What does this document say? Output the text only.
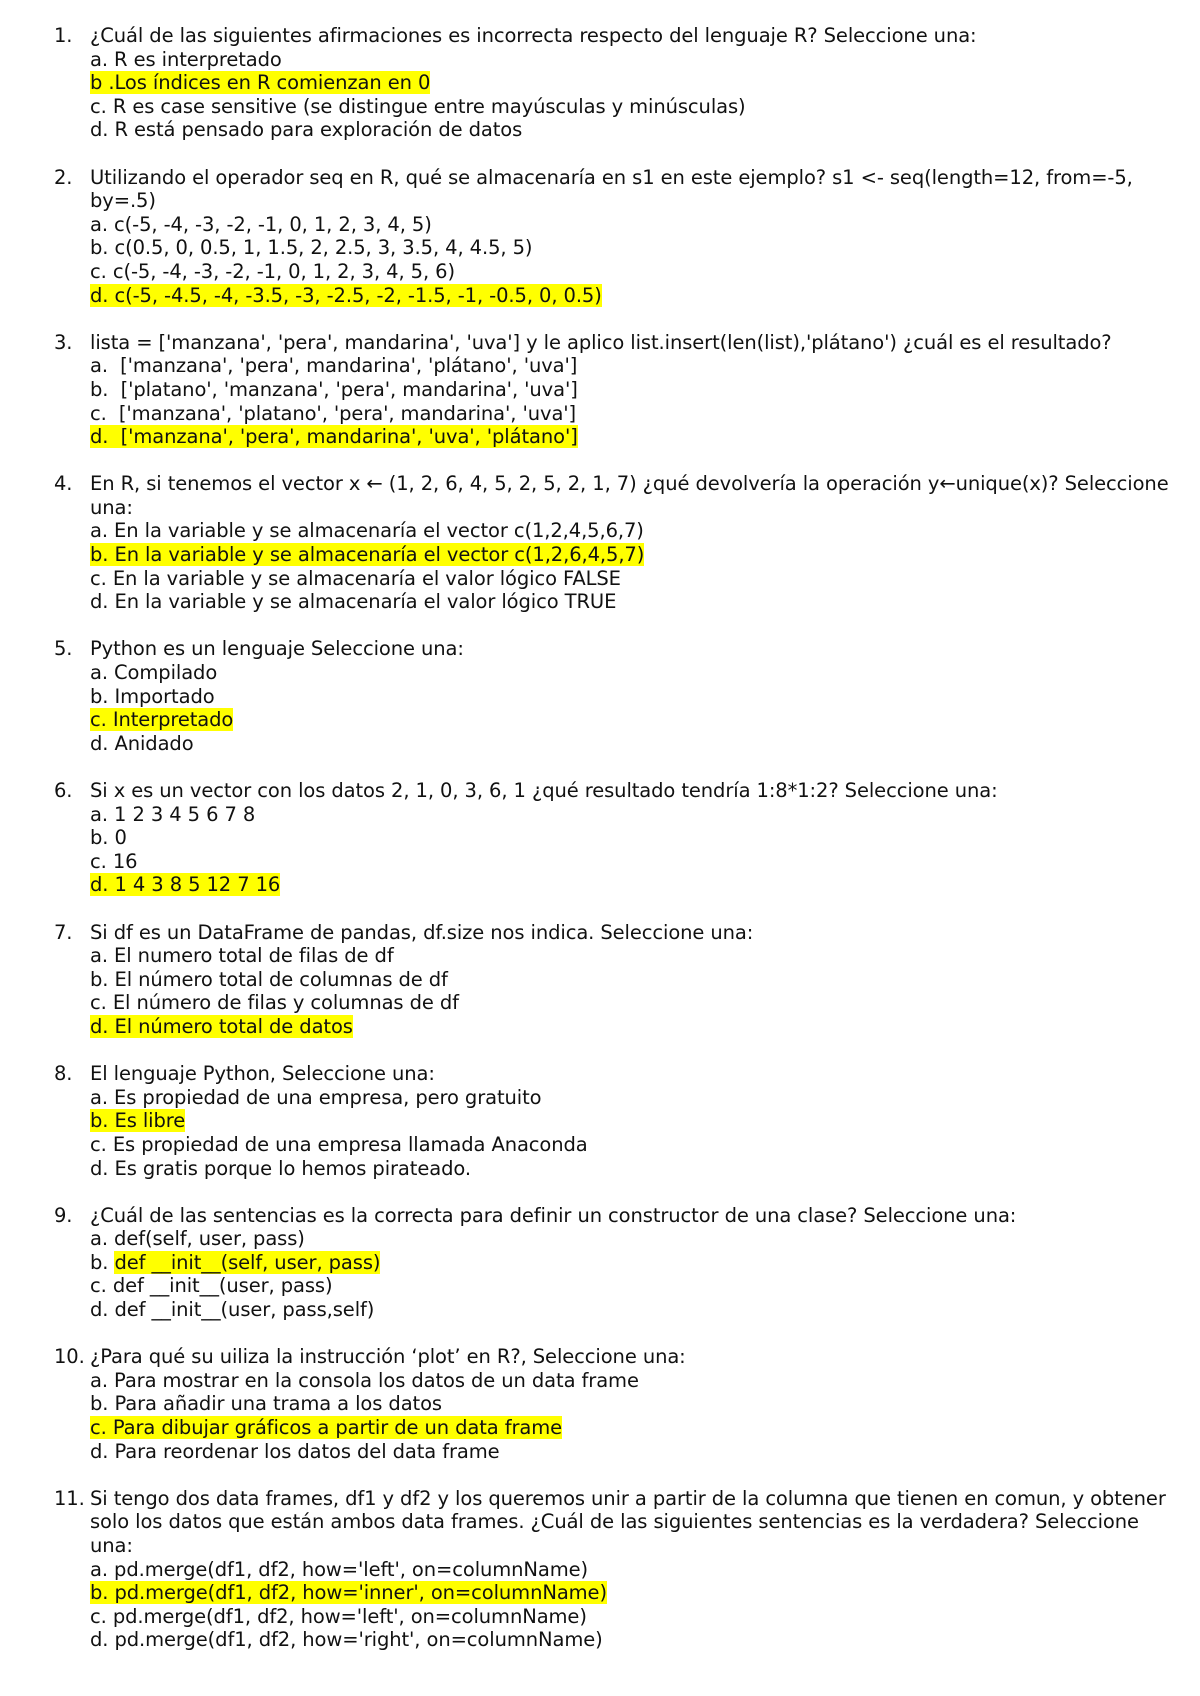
1. ¿Cuál de las siguientes afirmaciones es incorrecta respecto del lenguaje R? Seleccione una:
a. R es interpretado
b .Los índices en R comienzan en 0
c. R es case sensitive (se distingue entre mayúsculas y minúsculas)
d. R está pensado para exploración de datos
2. Utilizando el operador seq en R, qué se almacenaría en s1 en este ejemplo? s1 <- seq(length=12, from=-5, by=.5)
a. c(-5, -4, -3, -2, -1, 0, 1, 2, 3, 4, 5)
b. c(0.5, 0, 0.5, 1, 1.5, 2, 2.5, 3, 3.5, 4, 4.5, 5)
c. c(-5, -4, -3, -2, -1, 0, 1, 2, 3, 4, 5, 6)
d. c(-5, -4.5, -4, -3.5, -3, -2.5, -2, -1.5, -1, -0.5, 0, 0.5)
3. lista = ['manzana', 'pera', mandarina', 'uva'] y le aplico list.insert(len(list),'plátano') ¿cuál es el resultado?
a.  ['manzana', 'pera', mandarina', 'plátano', 'uva']
b.  ['platano', 'manzana', 'pera', mandarina', 'uva']
c.  ['manzana', 'platano', 'pera', mandarina', 'uva']
d.  ['manzana', 'pera', mandarina', 'uva', 'plátano']
4. En R, si tenemos el vector x ← (1, 2, 6, 4, 5, 2, 5, 2, 1, 7) ¿qué devolvería la operación y←unique(x)? Seleccione una:
a. En la variable y se almacenaría el vector c(1,2,4,5,6,7)
b. En la variable y se almacenaría el vector c(1,2,6,4,5,7)
c. En la variable y se almacenaría el valor lógico FALSE
d. En la variable y se almacenaría el valor lógico TRUE
5. Python es un lenguaje Seleccione una:
a. Compilado
b. Importado
c. Interpretado
d. Anidado
6. Si x es un vector con los datos 2, 1, 0, 3, 6, 1 ¿qué resultado tendría 1:8*1:2? Seleccione una:
a. 1 2 3 4 5 6 7 8
b. 0
c. 16
d. 1 4 3 8 5 12 7 16
7. Si df es un DataFrame de pandas, df.size nos indica. Seleccione una:
a. El numero total de filas de df
b. El número total de columnas de df
c. El número de filas y columnas de df
d. El número total de datos
8. El lenguaje Python, Seleccione una:
a. Es propiedad de una empresa, pero gratuito
b. Es libre
c. Es propiedad de una empresa llamada Anaconda
d. Es gratis porque lo hemos pirateado.
9. ¿Cuál de las sentencias es la correcta para definir un constructor de una clase? Seleccione una:
a. def(self, user, pass)
b. def __init__(self, user, pass)
c. def __init__(user, pass)
d. def __init__(user, pass,self)
10. ¿Para qué su uiliza la instrucción ‘plot’ en R?, Seleccione una:
a. Para mostrar en la consola los datos de un data frame
b. Para añadir una trama a los datos
c. Para dibujar gráficos a partir de un data frame
d. Para reordenar los datos del data frame
11. Si tengo dos data frames, df1 y df2 y los queremos unir a partir de la columna que tienen en comun, y obtener solo los datos que están ambos data frames. ¿Cuál de las siguientes sentencias es la verdadera? Seleccione una:
a. pd.merge(df1, df2, how='left', on=columnName)
b. pd.merge(df1, df2, how='inner', on=columnName)
c. pd.merge(df1, df2, how='left', on=columnName)
d. pd.merge(df1, df2, how='right', on=columnName)
